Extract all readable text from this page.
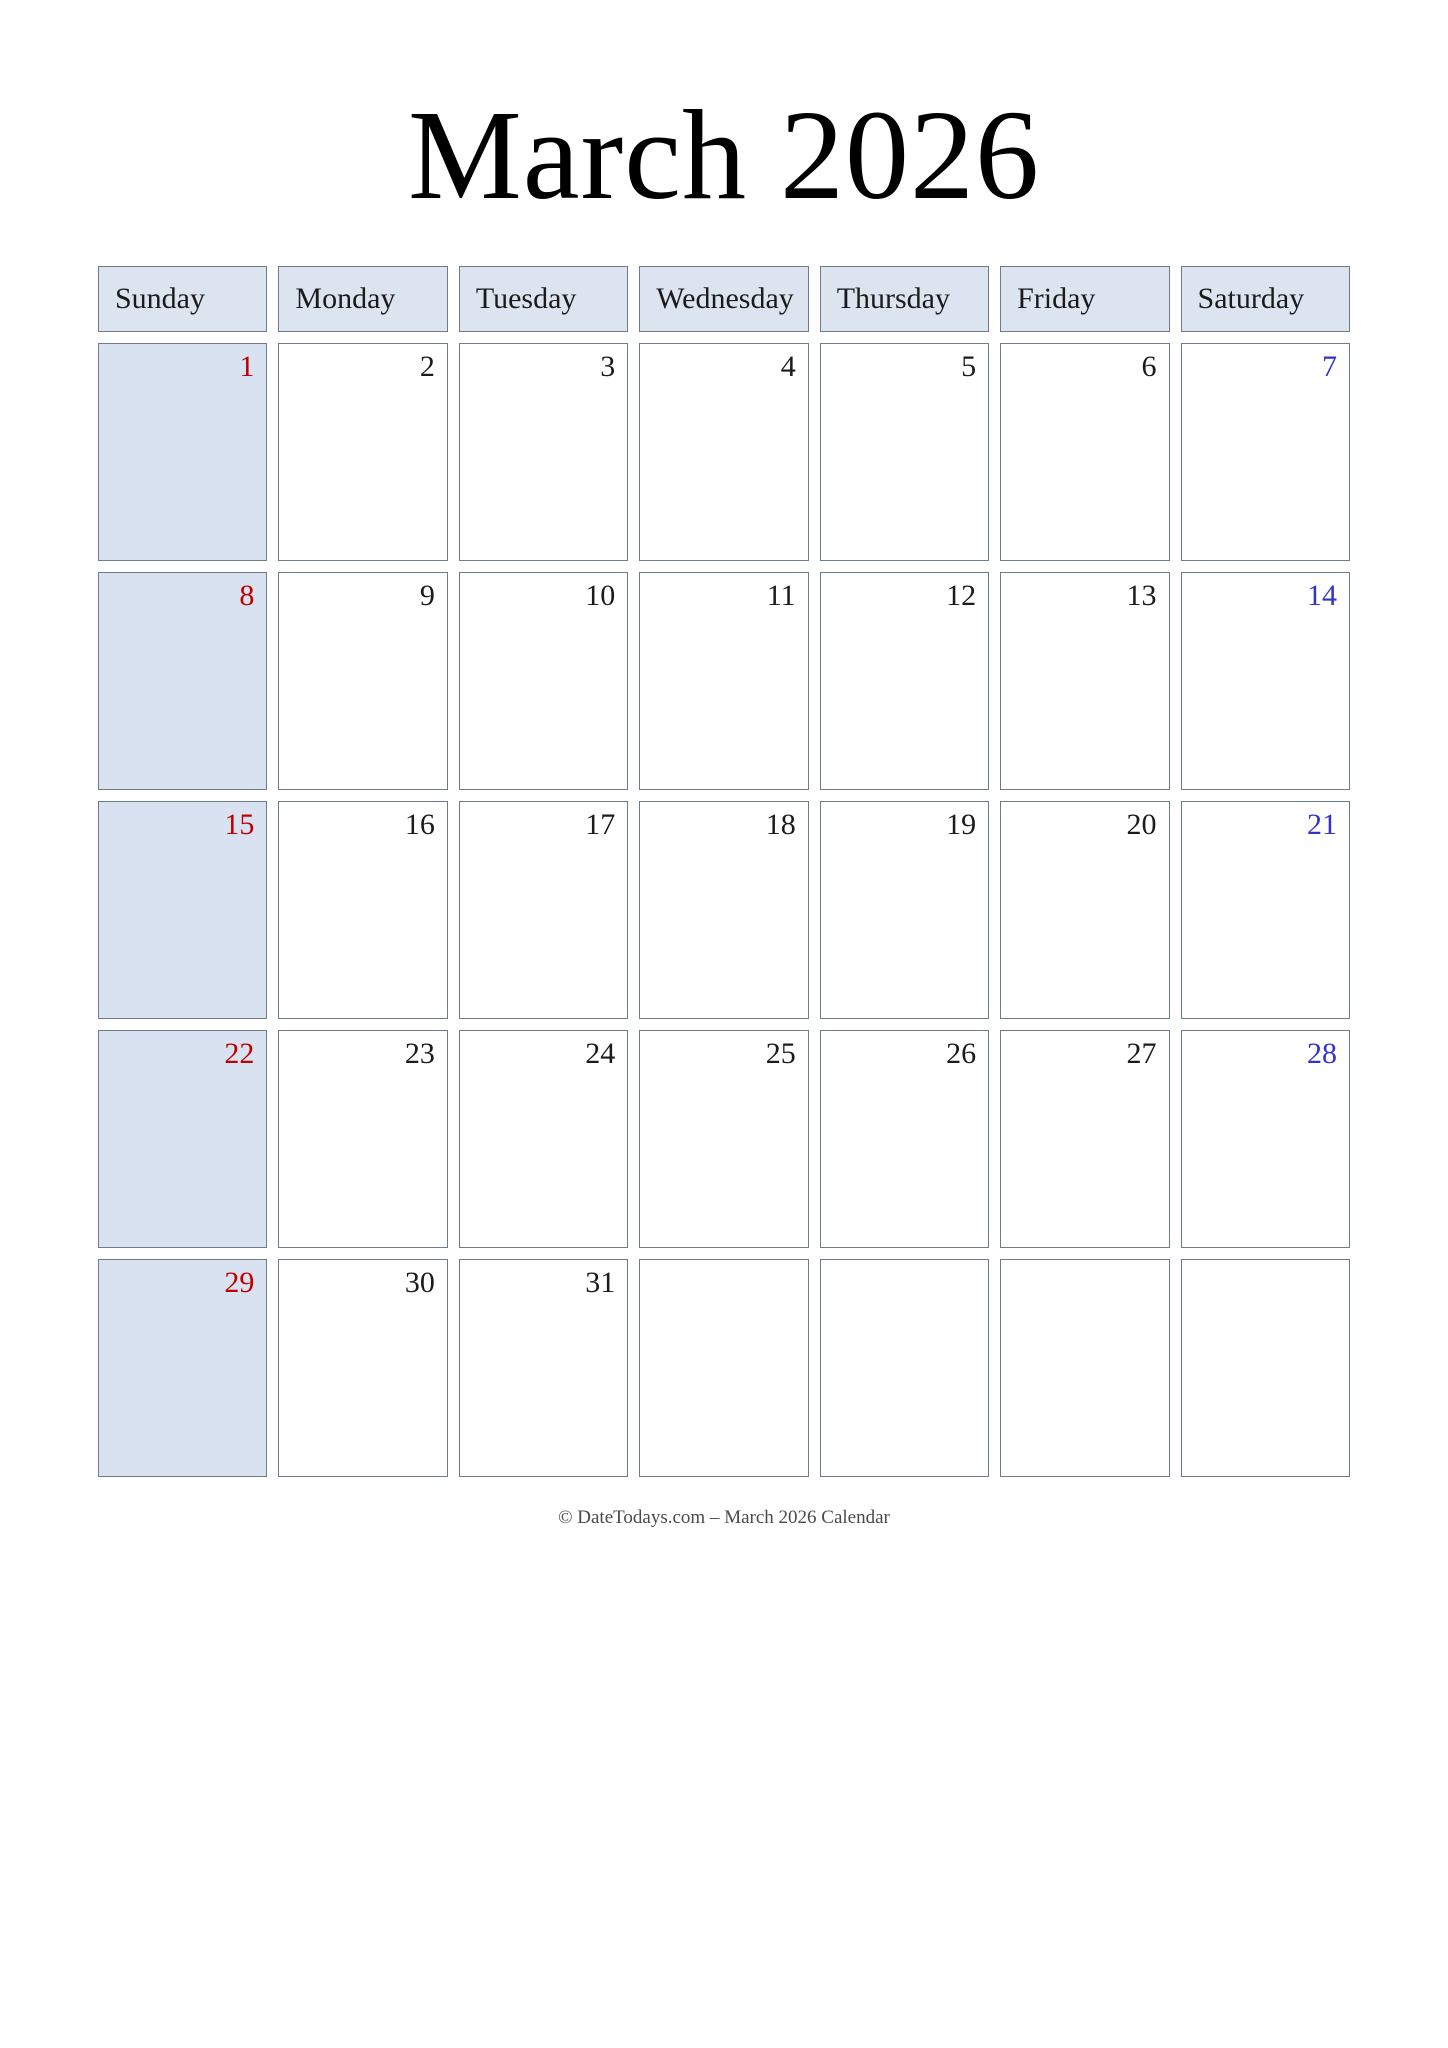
March 2026
Sunday	Monday	Tuesday	Wednesday Thursday Friday	Saturday
1	2	3	4	5	6	7
8	9	10	11	12	13	14
15	16	17	18	19	20	21
22	23	24	25	26	27	28
29	30	31
© DateTodays.com – March 2026 Calendar
